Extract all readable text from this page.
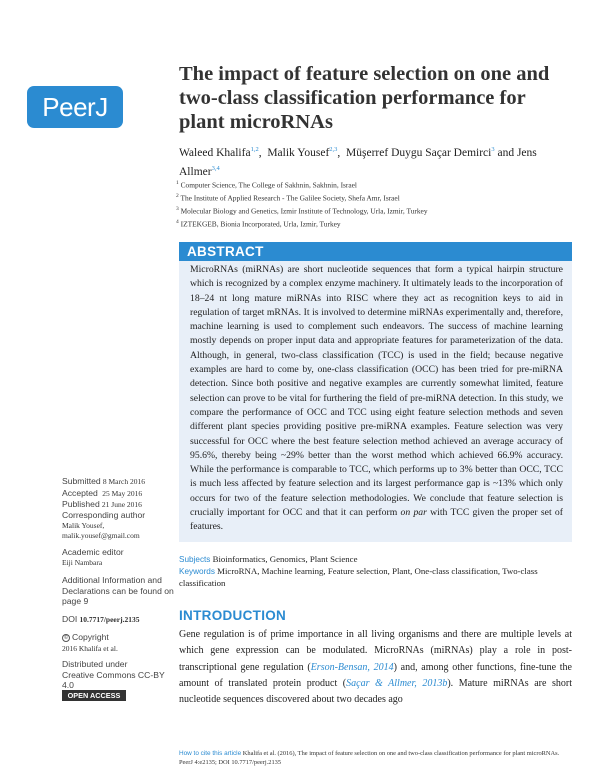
PeerJ
The impact of feature selection on one and two-class classification performance for plant microRNAs
Waleed Khalifa$^{1,2}$,  Malik Yousef$^{2,3}$,  Müşerref Duygu Saçar Demirci$^3$ and Jens Allmer$^{3,4}$
$^1$ Computer Science, The College of Sakhnin, Sakhnin, Israel
$^2$ The Institute of Applied Research - The Galilee Society, Shefa Amr, Israel
$^3$ Molecular Biology and Genetics, Izmir Institute of Technology, Urla, Izmir, Turkey
$^4$ IZTEKGEB, Bionia Incorporated, Urla, Izmir, Turkey
ABSTRACT
MicroRNAs (miRNAs) are short nucleotide sequences that form a typical hairpin structure which is recognized by a complex enzyme machinery. It ultimately leads to the incorporation of 18–24 nt long mature miRNAs into RISC where they act as recognition keys to aid in regulation of target mRNAs. It is involved to determine miRNAs experimentally and, therefore, machine learning is used to complement such endeavors. The success of machine learning mostly depends on proper input data and appropriate features for parameterization of the data. Although, in general, two-class classification (TCC) is used in the field; because negative examples are hard to come by, one-class classification (OCC) has been tried for pre-miRNA detection. Since both positive and negative examples are currently somewhat limited, feature selection can prove to be vital for furthering the field of pre-miRNA detection. In this study, we compare the performance of OCC and TCC using eight feature selection methods and seven different plant species providing positive pre-miRNA examples. Feature selection was very successful for OCC where the best feature selection method achieved an average accuracy of 95.6%, thereby being ~29% better than the worst method which achieved 66.9% accuracy. While the performance is comparable to TCC, which performs up to 3% better than OCC, TCC is much less affected by feature selection and its largest performance gap is ~13% which only occurs for two of the feature selection methodologies. We conclude that feature selection is crucially important for OCC and that it can perform on par with TCC given the proper set of features.
Submitted 8 March 2016
Accepted 25 May 2016
Published 21 June 2016
Corresponding author
Malik Yousef,
malik.yousef@gmail.com
Academic editor
Eiji Nambara
Additional Information and Declarations can be found on page 9
DOI 10.7717/peerj.2135
© Copyright
2016 Khalifa et al.
Distributed under
Creative Commons CC-BY 4.0
OPEN ACCESS
Subjects Bioinformatics, Genomics, Plant Science
Keywords MicroRNA, Machine learning, Feature selection, Plant, One-class classification, Two-class classification
INTRODUCTION
Gene regulation is of prime importance in all living organisms and there are multiple levels at which gene expression can be modulated. MicroRNAs (miRNAs) play a role in post-transcriptional gene regulation (Erson-Bensan, 2014) and, among other functions, fine-tune the amount of translated protein product (Saçar & Allmer, 2013b). Mature miRNAs are short nucleotide sequences discovered about two decades ago
How to cite this article Khalifa et al. (2016), The impact of feature selection on one and two-class classification performance for plant microRNAs. PeerJ 4:e2135; DOI 10.7717/peerj.2135
